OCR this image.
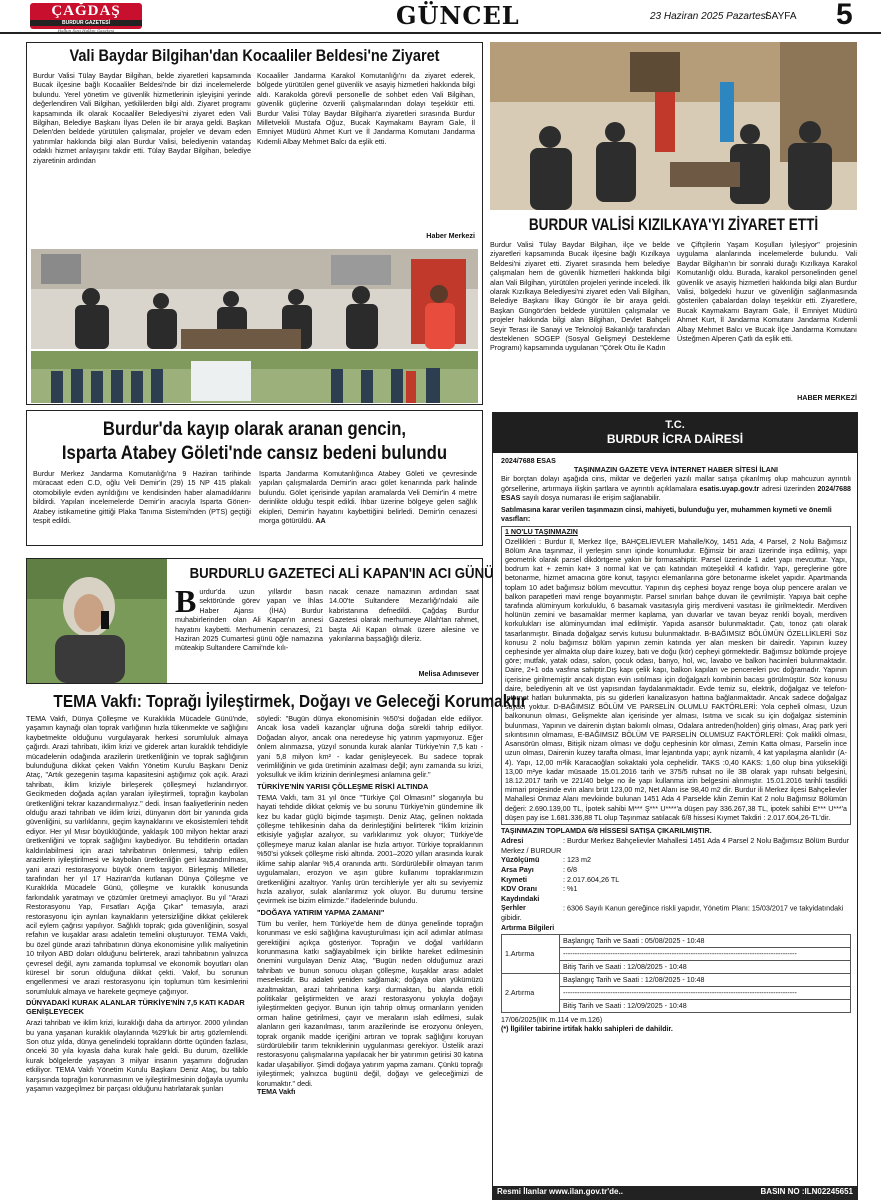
ÇAĞDAŞ
BURDUR GAZETESİ
Halkın Sesi Halkın Gazetesi
GÜNCEL	23 Haziran 2025 Pazartesi
SAYFA 5
Vali Baydar Bilgihan'dan Kocaaliler Beldesi'ne Ziyaret
Burdur Valisi Tülay Baydar Bilgihan, belde ziyaretleri kapsamında Bucak ilçesine bağlı Kocaaliler Beldesi'nde bir dizi incelemelerde bulundu. Yerel yönetim ve güvenlik hizmetlerinin işleyişini yerinde değerlendiren Vali Bilgihan, yetkililerden bilgi aldı. Ziyaret programı kapsamında ilk olarak Kocaaliler Belediyesi'ni ziyaret eden Vali Bilgihan, Belediye Başkanı İlyas Delen ile bir araya geldi. Başkan Delen'den beldede yürütülen çalışmalar, projeler ve devam eden yatırımlar hakkında bilgi alan Burdur Valisi, belediyenin vatandaş odaklı hizmet anlayışını takdir etti. Tülay Baydar Bilgihan, belediye ziyaretinin ardından
Kocaaliler Jandarma Karakol Komutanlığı'nı da ziyaret ederek, bölgede yürütülen genel güvenlik ve asayiş hizmetleri hakkında bilgi aldı. Karakolda görevli personelle de sohbet eden Vali Bilgihan, güvenlik güçlerine özverili çalışmalarından dolayı teşekkür etti. Burdur Valisi Tülay Baydar Bilgihan'a ziyaretleri sırasında Burdur Milletvekili Mustafa Oğuz, Bucak Kaymakamı Bayram Gale, İl Emniyet Müdürü Ahmet Kurt ve İl Jandarma Komutanı Jandarma Kıdemli Albay Mehmet Balcı da eşlik etti.
Haber Merkezi
BURDUR VALİSİ KIZILKAYA'YI ZİYARET ETTİ
Burdur Valisi Tülay Baydar Bilgihan, ilçe ve belde ziyaretleri kapsamında Bucak ilçesine bağlı Kızılkaya Beldesi'ni ziyaret etti. Ziyaret sırasında hem belediye çalışmaları hem de güvenlik hizmetleri hakkında bilgi alan Vali Bilgihan, yürütülen projeleri yerinde inceledi. İlk olarak Kızılkaya Belediyesi'ni ziyaret eden Vali Bilgihan, Belediye Başkanı İlkay Güngör ile bir araya geldi. Başkan Güngör'den beldede yürütülen çalışmalar ve projeler hakkında bilgi alan Bilgihan, Devlet Bahçeli Seyir Terası ile Sanayi ve Teknoloji Bakanlığı tarafından desteklenen SOGEP (Sosyal Gelişmeyi Destekleme Programı) kapsamında uygulanan "Çörek Otu ile Kadın
ve Çiftçilerin Yaşam Koşulları İyileşiyor" projesinin uygulama alanlarında incelemelerde bulundu. Vali Baydar Bilgihan'ın bir sonraki durağı Kızılkaya Karakol Komutanlığı oldu. Burada, karakol personelinden genel güvenlik ve asayiş hizmetleri hakkında bilgi alan Burdur Valisi, bölgedeki huzur ve güvenliğin sağlanmasında gösterilen çabalardan dolayı teşekkür etti. Ziyaretlere, Bucak Kaymakamı Bayram Gale, İl Emniyet Müdürü Ahmet Kurt, İl Jandarma Komutanı Jandarma Kıdemli Albay Mehmet Balcı ve Bucak İlçe Jandarma Komutanı Üsteğmen Alperen Çatlı da eşlik etti.
HABER MERKEZİ
Burdur'da kayıp olarak aranan gencin,
Isparta Atabey Göleti'nde cansız bedeni bulundu
Burdur Merkez Jandarma Komutanlığı'na 9 Haziran tarihinde müracaat eden C.D, oğlu Veli Demir'in (29) 15 NP 415 plakalı otomobiliyle evden ayrıldığını ve kendisinden haber alamadıklarını bildirdi. Yapılan incelemelerde Demir'in aracıyla Isparta Gönen-Atabey istikametine gittiği Plaka Tanıma Sistemi'nden (PTS) geçtiği tespit edildi.
Isparta Jandarma Komutanlığınca Atabey Göleti ve çevresinde yapılan çalışmalarda Demir'in aracı gölet kenarında park halinde bulundu. Gölet içerisinde yapılan aramalarda Veli Demir'in 4 metre derinlikte olduğu tespit edildi. İhbar üzerine bölgeye gelen sağlık ekipleri, Demir'in hayatını kaybettiğini belirledi. Demir'in cenazesi morga götürüldü. AA
BURDURLU GAZETECİ ALİ KAPAN'IN ACI GÜNÜ
B urdur'da uzun yıllardır basın sektöründe görev yapan ve İhlas Haber Ajansı (İHA) Burdur muhabirlerinden olan Ali Kapan'ın annesi hayatını kaybetti. Merhumenin cenazesi, 21 Haziran 2025 Cumartesi günü öğle namazına müteakip Sultandere Camii'nde kılı-
nacak cenaze namazının ardından saat 14.00'te Sultandere Mezarlığı'ndaki aile kabristanına defnedildi. Çağdaş Burdur Gazetesi olarak merhumeye Allah'tan rahmet, başta Ali Kapan olmak üzere ailesine ve yakınlarına başsağlığı dileriz.
Melisa Adınısever
TEMA Vakfı: Toprağı İyileştirmek, Doğayı ve Geleceği Korumaktır
TEMA Vakfı, Dünya Çölleşme ve Kuraklıkla Mücadele Günü'nde, yaşamın kaynağı olan toprak varlığının hızla tükenmekte ve sağlığını kaybetmekte olduğunu vurgulayarak herkesi sorumluluk almaya çağırdı. Arazi tahribatı, iklim krizi ve giderek artan kuraklık tehdidiyle mücadelenin odağında arazilerin üretkenliğinin ve toprak sağlığının bulunduğuna dikkat çeken Vakfın Yönetim Kurulu Başkanı Deniz Ataç, "Artık gezegenin taşıma kapasitesini aştığımız çok açık. Arazi tahribatı, iklim kriziyle birleşerek çölleşmeyi hızlandırıyor. Gecikmeden doğada açılan yaraları iyileştirmeli, toprağın kaybolan üretkenliğini tekrar kazandırmalıyız." dedi. İnsan faaliyetlerinin neden olduğu arazi tahribatı ve iklim krizi, dünyanın dört bir yanında gıda güvenliğini, su varlıklarını, geçim kaynaklarını ve ekosistemleri tehdit ediyor. Her yıl Mısır büyüklüğünde, yaklaşık 100 milyon hektar arazi üretkenliğini ve toprak sağlığını kaybediyor. Bu tehditlerin ortadan kaldırılabilmesi için arazi tahribatının önlenmesi, tahrip edilen arazilerin iyileştirilmesi ve kaybolan üretkenliğin geri kazandırılması, yani arazi restorasyonu büyük önem taşıyor. Birleşmiş Milletler tarafından her yıl 17 Haziran'da kutlanan Dünya Çölleşme ve Kuraklıkla Mücadele Günü, çölleşme ve kuraklık konusunda farkındalık yaratmayı ve çözümler üretmeyi amaçlıyor. Bu yıl "Arazi Restorasyonu Yap, Fırsatları Açığa Çıkar" temasıyla, arazi restorasyonu için ayrılan kaynakların yetersizliğine dikkat çekilerek acil eylem çağrısı yapılıyor. Sağlıklı toprak; gıda güvenliğinin, sosyal refahın ve kuşaklar arası adaletin temelini oluşturuyor. TEMA Vakfı, bu özel günde arazi tahribatının dünya ekonomisine yıllık maliyetinin 10 trilyon ABD doları olduğunu belirterek, arazi tahribatının yalnızca çevresel değil, aynı zamanda toplumsal ve ekonomik boyutları olan küresel bir sorun olduğuna dikkat çekti. Vakıf, bu sorunun engellenmesi ve arazi restorasyonu için toplumun tüm kesimlerini sorumluluk almaya ve harekete geçmeye çağırıyor.
DÜNYADAKİ KURAK ALANLAR TÜRKİYE'NİN 7,5 KATI KADAR GENİŞLEYECEK
Arazi tahribatı ve iklim krizi, kuraklığı daha da artırıyor. 2000 yılından bu yana yaşanan kuraklık olaylarında %29'luk bir artış gözlemlendi. Son otuz yılda, dünya genelindeki toprakların dörtte üçünden fazlası, önceki 30 yıla kıyasla daha kurak hale geldi. Bu durum, özellikle kurak bölgelerde yaşayan 3 milyar insanın yaşamını doğrudan etkiliyor. TEMA Vakfı Yönetim Kurulu Başkanı Deniz Ataç, bu tablo karşısında toprağın korunmasının ve iyileştirilmesinin doğayla uyumlu yaşamın vazgeçilmez bir parçası olduğunu hatırlatarak şunları
söyledi: "Bugün dünya ekonomisinin %50'si doğadan elde ediliyor. Ancak kısa vadeli kazançlar uğruna doğa sürekli tahrip ediliyor. Doğadan alıyor, ancak ona neredeyse hiç yatırım yapmıyoruz. Eğer önlem alınmazsa, yüzyıl sonunda kurak alanlar Türkiye'nin 7,5 katı - yani 5,8 milyon km² - kadar genişleyecek. Bu sadece toprak verimliliğinin ve gıda üretiminin azalması değil; aynı zamanda su krizi, yoksulluk ve iklim krizinin derinleşmesi anlamına gelir."
TÜRKİYE'NİN YARISI ÇÖLLEŞME RİSKİ ALTINDA
TEMA Vakfı, tam 31 yıl önce "Türkiye Çöl Olmasın!" sloganıyla bu hayati tehdide dikkat çekmiş ve bu sorunu Türkiye'nin gündemine ilk kez bu kadar güçlü biçimde taşımıştı. Deniz Ataç, gelinen noktada çölleşme tehlikesinin daha da derinleştiğini belirterek "İklim krizinin etkisiyle yağışlar azalıyor, su varlıklarımız yok oluyor; Türkiye'de çölleşmeye maruz kalan alanlar ise hızla artıyor. Türkiye topraklarının %50'si yüksek çölleşme riski altında. 2001–2020 yılları arasında kurak iklime sahip alanlar %5,4 oranında arttı. Sürdürülebilir olmayan tarım uygulamaları, erozyon ve aşırı gübre kullanımı topraklarımızın üretkenliğini azaltıyor. Yanlış ürün tercihleriyle yer altı su seviyemiz hızla azalıyor, sulak alanlarımız yok oluyor. Bu durumu tersine çevirmek ise bizim elimizde." ifadelerinde bulundu.
"DOĞAYA YATIRIM YAPMA ZAMANI"
Tüm bu veriler, hem Türkiye'de hem de dünya genelinde toprağın korunması ve eski sağlığına kavuşturulması için acil adımlar atılması gerektiğini açıkça gösteriyor. Toprağın ve doğal varlıkların korunmasına katkı sağlayabilmek için birlikte hareket edilmesinin önemini vurgulayan Deniz Ataç, "Bugün neden olduğumuz arazi tahribatı ve bunun sonucu oluşan çölleşme, kuşaklar arası adalet meselesidir. Bu adaleti yeniden sağlamak; doğaya olan yükümüzü azaltmaktan, arazi tahribatına karşı durmaktan, bu alanda etkili politikalar geliştirmekten ve arazi restorasyonu yoluyla doğayı iyileştirmekten geçiyor. Bunun için tahrip olmuş ormanların yeniden orman haline getirilmesi, çayır ve meraların ıslah edilmesi, sulak alanların geri kazanılması, tarım arazilerinde ise erozyonu önleyen, toprak organik madde içeriğini artıran ve toprak sağlığını koruyan sürdürülebilir tarım tekniklerinin uygulanması gerekiyor. Üstelik arazi restorasyonu çalışmalarına yapılacak her bir yatırımın getirisi 30 katına kadar ulaşabiliyor. Şimdi doğaya yatırım yapma zamanı. Çünkü toprağı iyileştirmek; yalnızca bugünü değil, doğayı ve geleceğimizi de korumaktır." dedi.
TEMA Vakfı
T.C.
BURDUR İCRA DAİRESİ
2024/7688 ESAS
TAŞINMAZIN GAZETE VEYA İNTERNET HABER SİTESİ İLANI
Bir borçtan dolayı aşağıda cins, miktar ve değerleri yazılı mallar satışa çıkarılmış olup mahcuzun ayrıntılı görsellerine, artırmaya ilişkin şartlara ve ayrıntılı açıklamalara esatis.uyap.gov.tr adresi üzerinden 2024/7688 ESAS sayılı dosya numarası ile erişim sağlanabilir.
Satılmasına karar verilen taşınmazın cinsi, mahiyeti, bulunduğu yer, muhammen kıymeti ve önemli vasıfları:
1 NO'LU TAŞINMAZIN
Özellikleri : Burdur İl, Merkez İlçe, BAHÇELİEVLER Mahalle/Köy, 1451 Ada, 4 Parsel, 2 Nolu Bağımsız Bölüm Ana taşınmaz, il yerleşim sınırı içinde konumludur. Eğimsiz bir arazi üzerinde inşa edilmiş, yapı geometrik olarak parsel dikdörtgene yakın bir formasahiptir. Parsel üzerinde 1 adet yapı mevcuttur. Yapı, bodrum kat + zemin kat+ 3 normal kat ve çatı katından müteşekkil 4 katlıdır. Yapı, gereçlerine göre betonarme, hizmet amacına göre konut, taşıyıcı elemanlarına göre betonarme iskelet yapıdır. Apartmanda toplam 10 adet bağımsız bölüm mevcuttur. Yapının dış cephesi boyaz renge boya olup pencere araları ve balkon parapetleri mavi renge boyanmıştır. Parsel sınırları bahçe duvarı ile çevrilmiştir. Yapıya bait cephe tarafında alüminyum korkuluklu, 6 basamak vasıtasıyla giriş merdiveni vasıtası ile girilmektedir. Merdiven holünün zemini ve basamaklar mermer kaplama, yan duvarlar ve tavan beyaz renkli boyalı, merdiven korkulukları ise alüminyumdan imal edilmiştir. Yapıda asansör bulunmaktadır. Çatı, tonoz çatı olarak tasarlanmıştır. Binada doğalgaz servis kutusu bulunmaktadır. B-BAĞIMSIZ BÖLÜMÜN ÖZELLİKLERİ Söz konusu 2 nolu bağımsız bölüm yapının zemin katında yer alan mesken bir dairedir. Yapının kuzey cephesinde yer almakta olup daire kuzey, batı ve doğu (kör) cepheyi görmektedir. Bağımsız bölümde projeye göre; mutfak, yatak odası, salon, çocuk odası, banyo, hol, wc, lavabo ve balkon hacimleri bulunmaktadır. Daire, 2+1 oda vasfına sahiptir.Dış kapı çelik kapı, balkon kapıları ve pencereleri pvc doğramadır. Yapının içerisine girilmemiştir ancak dıştan evin ısıtılması için doğalgazlı kombinin bacası görülmüştür. Söz konusu daire, belediyenin alt ve üst yapısından faydalanmaktadır. Evde temiz su, elektrik, doğalgaz ve telefon-internet hatları bulunmakta, pis su giderleri kanalizasyon hattına bağlanmaktadır. Ancak sadece doğalgaz sayacı yoktur. D-BAĞIMSIZ BÖLÜM VE PARSELİN OLUMLU FAKTÖRLERİ: Yola cepheli olması, Uzun balkonunun olması, Gelişmekte alan içerisinde yer alması, Isıtma ve sıcak su için doğalgaz sisteminin bulunması, Yapının ve dairenin dıştan bakımlı olması, Odalara antreden(holden) giriş olması, Araç park yeri sıkıntısının olmaması, E-BAĞIMSIZ BÖLÜM VE PARSELİN OLUMSUZ FAKTÖRLERİ: Çok malikli olması, Asansörün olması, Bitişik nizam olması ve doğu cephesinin kör olması, Zemin Katta olması, Parselin ince uzun olması, Dairenin kuzey tarafta olması, İmar lejantında yapı; ayrık nizamlı, 4 kat yapılaşma alanlıdır (A-4). Yapı, 12,00 m²lik Karacaoğlan sokaktaki yola cephelidir. TAKS :0,40 KAKS: 1,60 olup bina yüksekliği 13,00 m²ye kadar müsaade 15.01.2016 tarih ve 375/5 ruhsat no ile 3B olarak yapı ruhsatı belgesini, 18.12.2017 tarih ve 221/40 belge no ile yapı kullanma izin belgesini alınmıştır. 15.01.2016 tarihli tasdikli mimari projesinde evin alanı brüt 123,00 m2, Net Alanı ise 98,40 m2 dir. Burdur ili Merkez ilçesi Bahçelievler Mahallesi Onmaz Alanı mevkiinde bulunan 1451 Ada 4 Parselde kâin Zemin Kat 2 nolu Bağımsız Bölümün değeri: 2.690.139,00 TL, İpotek sahibi M*** Ş*** U****'a düşen pay 336.267,38 TL, ipotek sahibi E*** U***'a düşen pay ise 1.681.336,88 TL olup Taşınmaz satılacak 6/8 hissesi Kıymet Takdiri : 2.017.604,26-TL'dir.
TAŞINMAZIN TOPLAMDA 6/8 HİSSESİ SATIŞA ÇIKARILMIŞTIR.
Adresi	: Burdur Merkez Bahçelievler Mahallesi 1451 Ada 4 Parsel 2 Nolu Bağımsız Bölüm Burdur Merkez / BURDUR
Yüzölçümü	: 123 m2
Arsa Payı	: 6/8
Kıymeti	: 2.017.604,26 TL
KDV Oranı	: %1
Kaydındaki Şerhler	: 6306 Sayılı Kanun gereğince riskli yapıdır, Yönetim Planı: 15/03/2017 ve takyidatındaki gibidir.
Artırma Bilgileri
1.Artırma	Başlangıç Tarih ve Saati : 05/08/2025 - 10:48
	---------------------------------------------------------------------------------------------------
	Bitiş Tarih ve Saati : 12/08/2025 - 10:48
2.Artırma	Başlangıç Tarih ve Saati : 12/08/2025 - 10:48
	---------------------------------------------------------------------------------------------------
	Bitiş Tarih ve Saati : 12/09/2025 - 10:48
17/06/2025(İİK m.114 ve m.126)
(*) İlgililer tabirine irtifak hakkı sahipleri de dahildir.
Resmi İlanlar www.ilan.gov.tr'de..	BASIN NO :ILN02245651
